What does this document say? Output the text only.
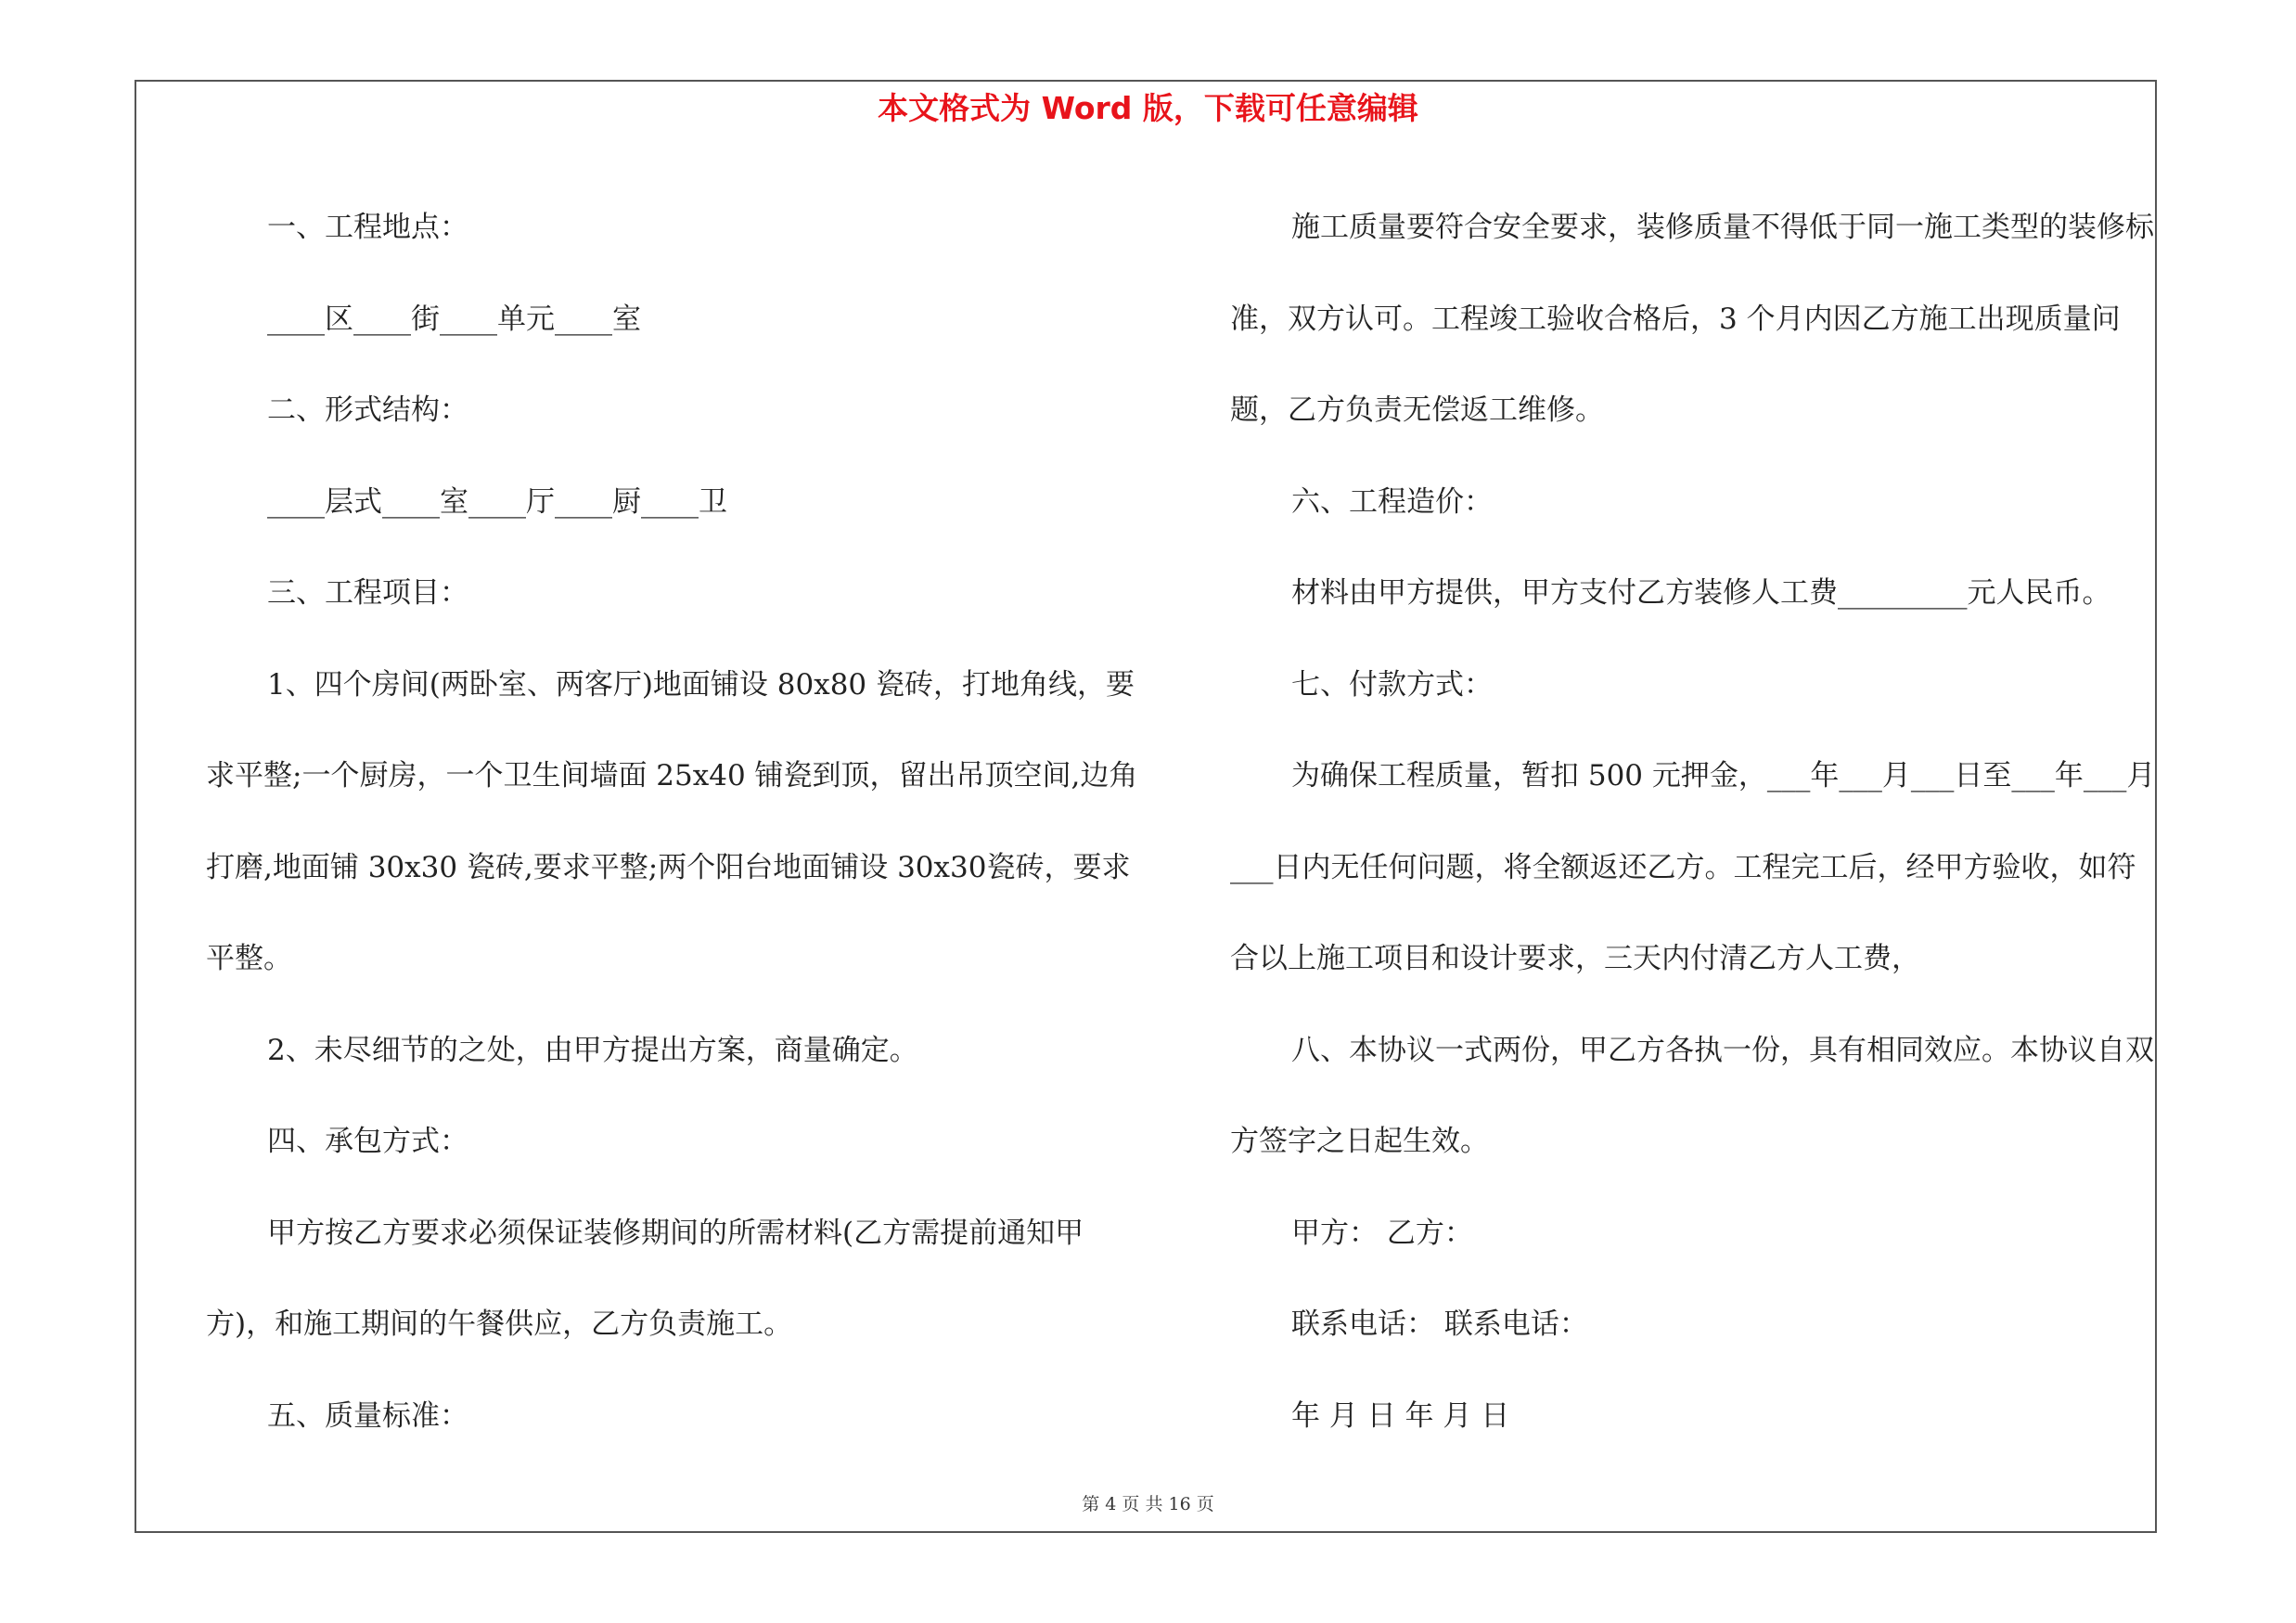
本文格式为 Word 版，下载可任意编辑

一、工程地点：

____区____街____单元____室

二、形式结构：

____层式____室____厅____厨____卫

三、工程项目：

1、四个房间(两卧室、两客厅)地面铺设 80x80 瓷砖，打地角线，要求平整;一个厨房，一个卫生间墙面 25x40 铺瓷到顶，留出吊顶空间,边角打磨,地面铺 30x30 瓷砖,要求平整;两个阳台地面铺设 30x30瓷砖，要求平整。

2、未尽细节的之处，由甲方提出方案，商量确定。

四、承包方式：

甲方按乙方要求必须保证装修期间的所需材料(乙方需提前通知甲方)，和施工期间的午餐供应，乙方负责施工。

五、质量标准：

施工质量要符合安全要求，装修质量不得低于同一施工类型的装修标准，双方认可。工程竣工验收合格后，3 个月内因乙方施工出现质量问题，乙方负责无偿返工维修。

六、工程造价：

材料由甲方提供，甲方支付乙方装修人工费_________元人民币。

七、付款方式：

为确保工程质量，暂扣 500 元押金，___年___月___日至___年___月___日内无任何问题，将全额返还乙方。工程完工后，经甲方验收，如符合以上施工项目和设计要求，三天内付清乙方人工费，

八、本协议一式两份，甲乙方各执一份，具有相同效应。本协议自双方签字之日起生效。

甲方： 乙方：

联系电话： 联系电话：

年 月 日 年 月 日

第 4 页 共 16 页
